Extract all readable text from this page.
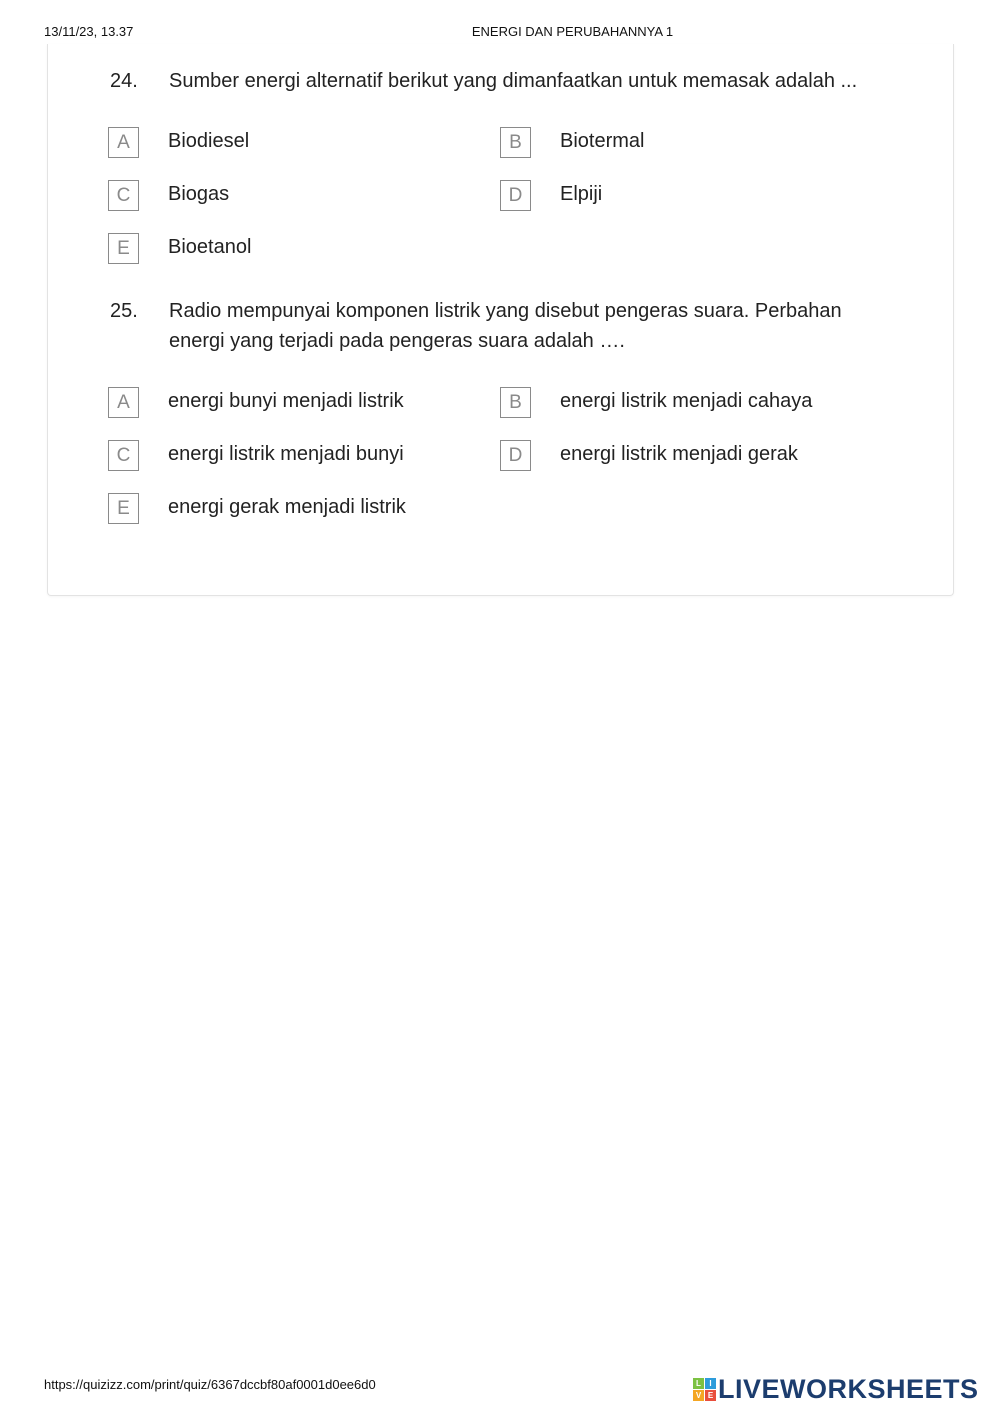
13/11/23, 13.37	ENERGI DAN PERUBAHANNYA 1
24. Sumber energi alternatif berikut yang dimanfaatkan untuk memasak adalah ...
A	Biodiesel	B	Biotermal
C	Biogas	D	Elpiji
E	Bioetanol
25. Radio mempunyai komponen listrik yang disebut pengeras suara. Perbahan energi yang terjadi pada pengeras suara adalah ….
A	energi bunyi menjadi listrik	B	energi listrik menjadi cahaya
C	energi listrik menjadi bunyi	D	energi listrik menjadi gerak
E	energi gerak menjadi listrik
https://quizizz.com/print/quiz/6367dccbf80af0001d0ee6d0	L	I
V E LIVEWORKSHEETS
